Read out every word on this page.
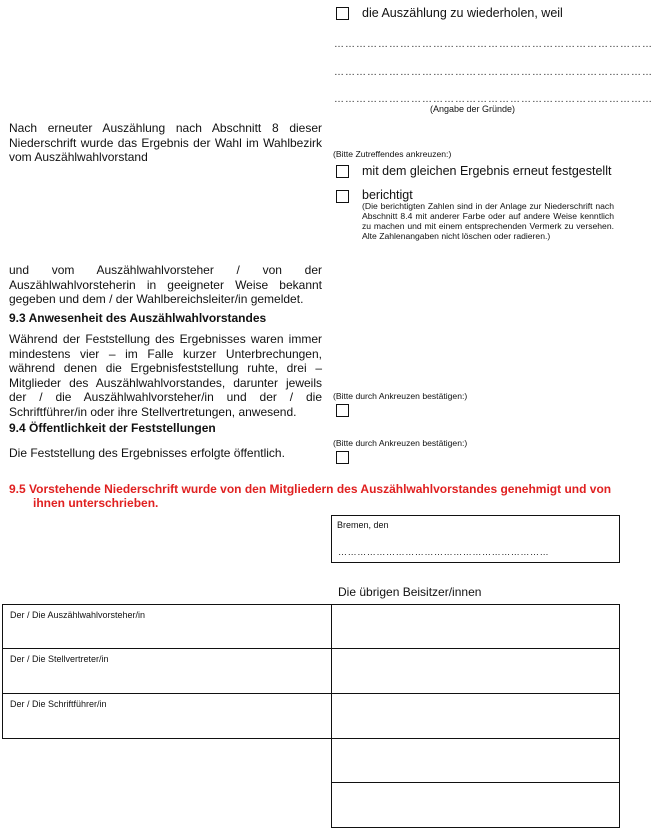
die Auszählung zu wiederholen, weil
……………………………………………………………………………
……………………………………………………………………………
……………………………………………………………………………
(Angabe der Gründe)
Nach erneuter Auszählung nach Abschnitt 8 dieser Niederschrift wurde das Ergebnis der Wahl im Wahlbezirk vom Auszählwahlvorstand	(Bitte Zutreffendes ankreuzen:)
mit dem gleichen Ergebnis erneut festgestellt
berichtigt
(Die berichtigten Zahlen sind in der Anlage zur Niederschrift nach Abschnitt 8.4 mit anderer Farbe oder auf andere Weise kenntlich zu machen und mit einem entsprechenden Vermerk zu versehen. Alte Zahlenangaben nicht löschen oder radieren.)
und vom Auszählwahlvorsteher / von der Auszählwahlvorsteherin in geeigneter Weise bekannt gegeben und dem / der Wahlbereichsleiter/in gemeldet.
9.3 Anwesenheit des Auszählwahlvorstandes
Während der Feststellung des Ergebnisses waren immer mindestens vier – im Falle kurzer Unterbrechungen, während denen die Ergebnisfeststellung ruhte, drei – Mitglieder des Auszählwahlvorstandes, darunter jeweils der / die Auszählwahlvorsteher/in und der / die Schriftführer/in oder ihre Stellvertretungen, anwesend.
(Bitte durch Ankreuzen bestätigen:)
9.4 Öffentlichkeit der Feststellungen
Die Feststellung des Ergebnisses erfolgte öffentlich.
(Bitte durch Ankreuzen bestätigen:)
9.5 Vorstehende Niederschrift wurde von den Mitgliedern des Auszählwahlvorstandes genehmigt und von ihnen unterschrieben.
Bremen, den
…………………………………………………………
Die übrigen Beisitzer/innen
Der / Die Auszählwahlvorsteher/in
Der / Die Stellvertreter/in
Der / Die Schriftführer/in
